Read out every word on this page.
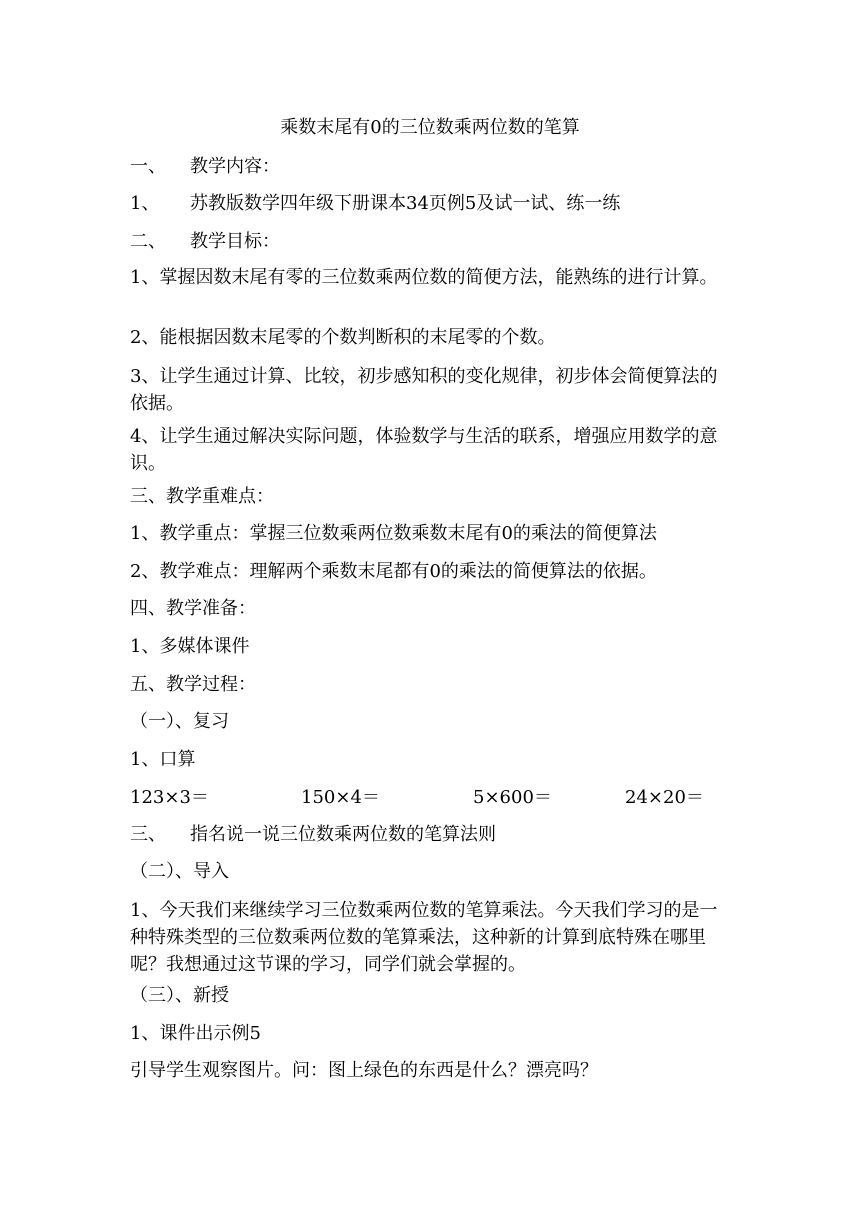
乘数末尾有0的三位数乘两位数的笔算
一、 教学内容：
1、 苏教版数学四年级下册课本34页例5及试一试、练一练
二、 教学目标：
1、掌握因数末尾有零的三位数乘两位数的简便方法，能熟练的进行计算。
2、能根据因数末尾零的个数判断积的末尾零的个数。
3、让学生通过计算、比较，初步感知积的变化规律，初步体会简便算法的依据。
4、让学生通过解决实际问题，体验数学与生活的联系，增强应用数学的意识。
三、教学重难点：
1、教学重点：掌握三位数乘两位数乘数末尾有0的乘法的简便算法
2、教学难点：理解两个乘数末尾都有0的乘法的简便算法的依据。
四、教学准备：
1、多媒体课件
五、教学过程：
（一）、复习
1、口算
123×3＝	150×4＝	5×600＝	24×20＝
三、 指名说一说三位数乘两位数的笔算法则
（二）、导入
1、今天我们来继续学习三位数乘两位数的笔算乘法。今天我们学习的是一种特殊类型的三位数乘两位数的笔算乘法，这种新的计算到底特殊在哪里呢？我想通过这节课的学习，同学们就会掌握的。
（三）、新授
1、课件出示例5
引导学生观察图片。问：图上绿色的东西是什么？漂亮吗？
